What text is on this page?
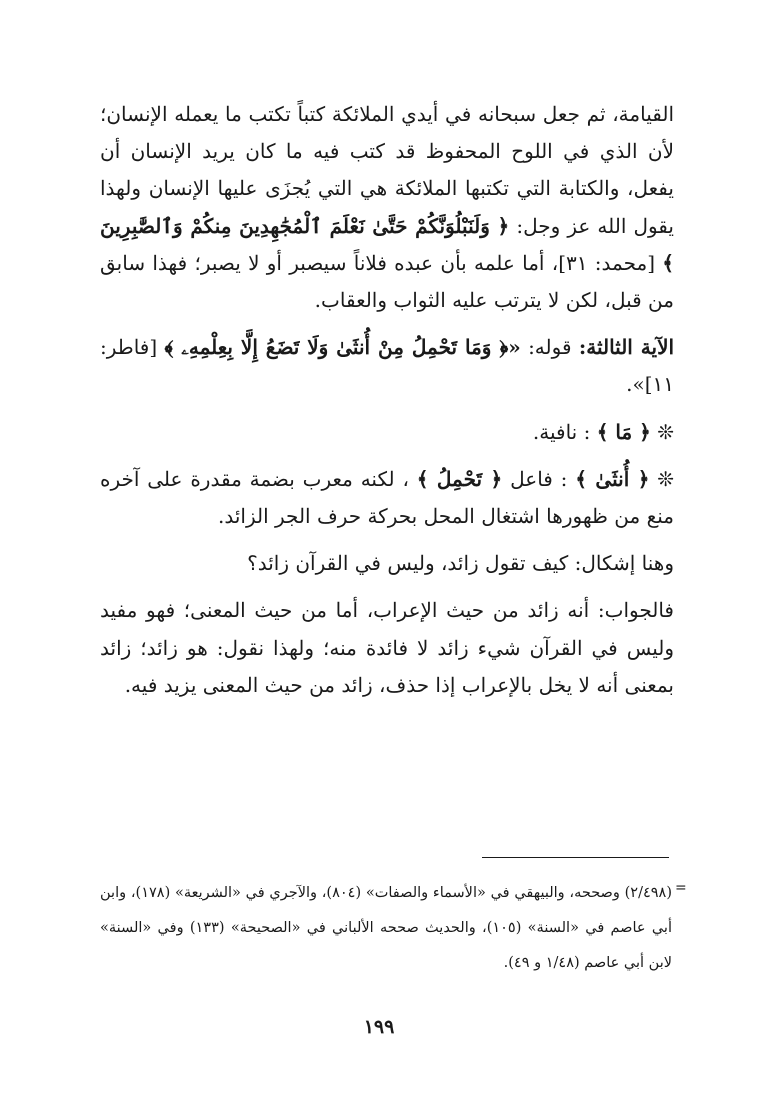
القيامة، ثم جعل سبحانه في أيدي الملائكة كتباً تكتب ما يعمله الإنسان؛ لأن الذي في اللوح المحفوظ قد كتب فيه ما كان يريد الإنسان أن يفعل، والكتابة التي تكتبها الملائكة هي التي يُجزَى عليها الإنسان ولهذا يقول الله عز وجل: ﴿ وَلَنَبْلُوَنَّكُمْ حَتَّىٰ نَعْلَمَ ٱلْمُجَٰهِدِينَ مِنكُمْ وَٱلصَّٰبِرِينَ ﴾ [محمد: ٣١]، أما علمه بأن عبده فلاناً سيصبر أو لا يصبر؛ فهذا سابق من قبل، لكن لا يترتب عليه الثواب والعقاب.

الآية الثالثة: قوله: «﴿ وَمَا تَحْمِلُ مِنْ أُنثَىٰ وَلَا تَضَعُ إِلَّا بِعِلْمِهِۦ ﴾ [فاطر: ١١]».

❊ ﴿ مَا ﴾ : نافية.

❊ ﴿ أُنثَىٰ ﴾ : فاعل ﴿ تَحْمِلُ ﴾ ، لكنه معرب بضمة مقدرة على آخره منع من ظهورها اشتغال المحل بحركة حرف الجر الزائد.

وهنا إشكال: كيف تقول زائد، وليس في القرآن زائد؟

فالجواب: أنه زائد من حيث الإعراب، أما من حيث المعنى؛ فهو مفيد وليس في القرآن شيء زائد لا فائدة منه؛ ولهذا نقول: هو زائد؛ زائد بمعنى أنه لا يخل بالإعراب إذا حذف، زائد من حيث المعنى يزيد فيه.

=
(٢/٤٩٨) وصححه، والبيهقي في «الأسماء والصفات» (٨٠٤)، والآجري في «الشريعة» (١٧٨)، وابن أبي عاصم في «السنة» (١٠٥)، والحديث صححه الألباني في «الصحيحة» (١٣٣) وفي «السنة» لابن أبي عاصم (١/٤٨ و ٤٩).
١٩٩
